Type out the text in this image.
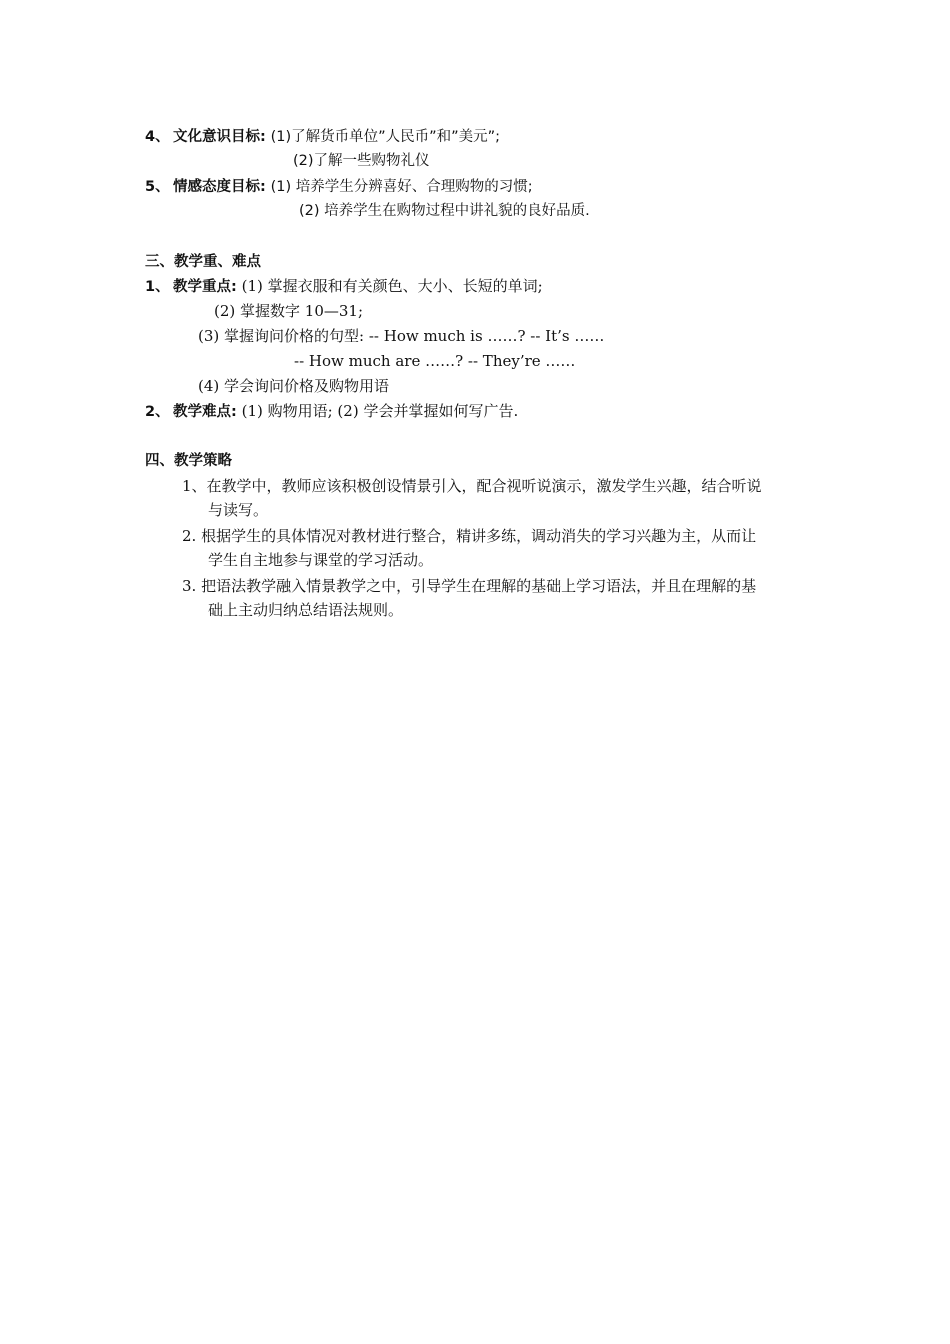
4、 文化意识目标: (1)了解货币单位”人民币”和”美元”;
(2)了解一些购物礼仪
5、 情感态度目标: (1) 培养学生分辨喜好、合理购物的习惯;
(2) 培养学生在购物过程中讲礼貌的良好品质.
三、教学重、难点
1、 教学重点: (1) 掌握衣服和有关颜色、大小、长短的单词;
(2) 掌握数字 10—31;
(3) 掌握询问价格的句型: -- How much is ……? -- It’s ……
-- How much are ……? -- They’re ……
(4) 学会询问价格及购物用语
2、 教学难点: (1) 购物用语; (2) 学会并掌握如何写广告.
四、教学策略
1、在教学中，教师应该积极创设情景引入，配合视听说演示，激发学生兴趣，结合听说
与读写。
2. 根据学生的具体情况对教材进行整合，精讲多练，调动消失的学习兴趣为主，从而让
学生自主地参与课堂的学习活动。
3. 把语法教学融入情景教学之中，引导学生在理解的基础上学习语法，并且在理解的基
础上主动归纳总结语法规则。
